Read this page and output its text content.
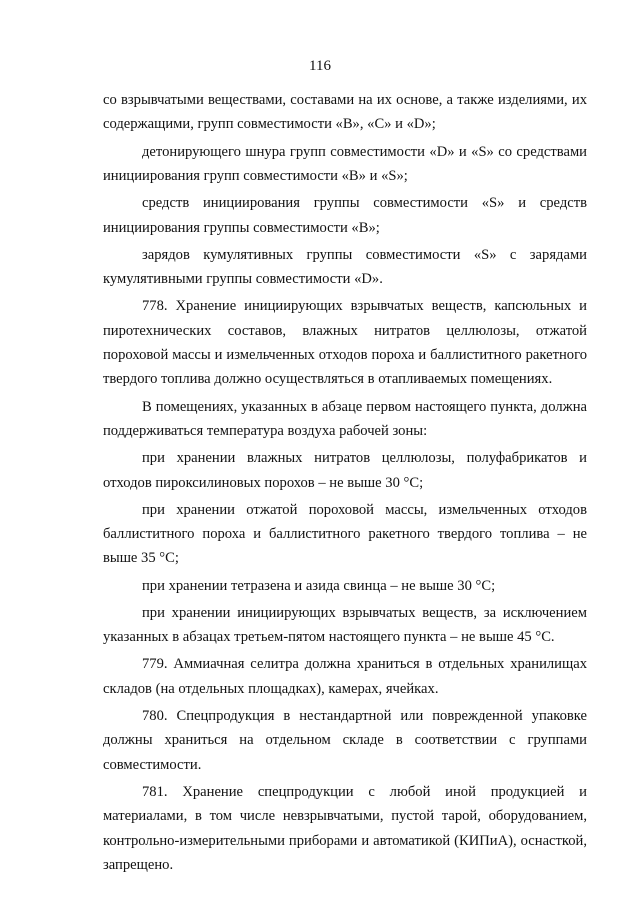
116

со взрывчатыми веществами, составами на их основе, а также изделиями, их содержащими, групп совместимости «B», «C» и «D»;

детонирующего шнура групп совместимости «D» и «S» со средствами инициирования групп совместимости «B» и «S»;

средств инициирования группы совместимости «S» и средств инициирования группы совместимости «B»;

зарядов кумулятивных группы совместимости «S» с зарядами кумулятивными группы совместимости «D».

778. Хранение инициирующих взрывчатых веществ, капсюльных и пиротехнических составов, влажных нитратов целлюлозы, отжатой пороховой массы и измельченных отходов пороха и баллиститного ракетного твердого топлива должно осуществляться в отапливаемых помещениях.

В помещениях, указанных в абзаце первом настоящего пункта, должна поддерживаться температура воздуха рабочей зоны:

при хранении влажных нитратов целлюлозы, полуфабрикатов и отходов пироксилиновых порохов – не выше 30 °C;

при хранении отжатой пороховой массы, измельченных отходов баллиститного пороха и баллиститного ракетного твердого топлива – не выше 35 °C;

при хранении тетразена и азида свинца – не выше 30 °C;

при хранении инициирующих взрывчатых веществ, за исключением указанных в абзацах третьем-пятом настоящего пункта – не выше 45 °C.

779. Аммиачная селитра должна храниться в отдельных хранилищах складов (на отдельных площадках), камерах, ячейках.

780. Спецпродукция в нестандартной или поврежденной упаковке должны храниться на отдельном складе в соответствии с группами совместимости.

781. Хранение спецпродукции с любой иной продукцией и материалами, в том числе невзрывчатыми, пустой тарой, оборудованием, контрольно-измерительными приборами и автоматикой (КИПиА), оснасткой, запрещено.
